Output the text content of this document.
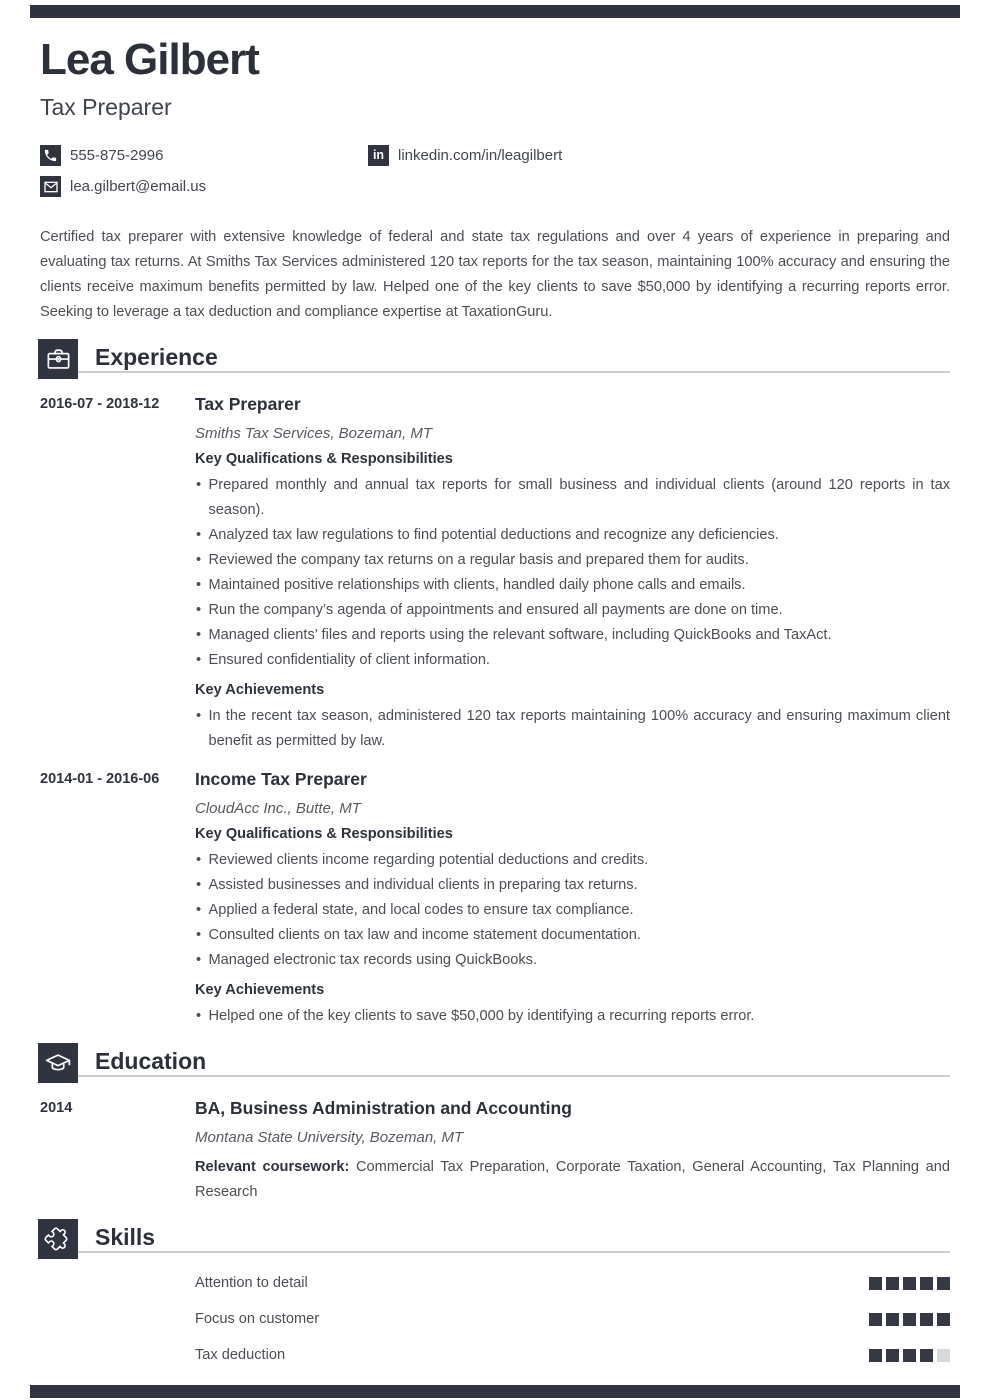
Lea Gilbert
Tax Preparer
555-875-2996	in linkedin.com/in/leagilbert
lea.gilbert@email.us

Certified tax preparer with extensive knowledge of federal and state tax regulations and over 4 years of experience in preparing and evaluating tax returns. At Smiths Tax Services administered 120 tax reports for the tax season, maintaining 100% accuracy and ensuring the clients receive maximum benefits permitted by law. Helped one of the key clients to save $50,000 by identifying a recurring reports error. Seeking to leverage a tax deduction and compliance expertise at TaxationGuru.

Experience
2016-07 - 2018-12	Tax Preparer
Smiths Tax Services, Bozeman, MT
Key Qualifications & Responsibilities
• Prepared monthly and annual tax reports for small business and individual clients (around 120 reports in tax season).
• Analyzed tax law regulations to find potential deductions and recognize any deficiencies.
• Reviewed the company tax returns on a regular basis and prepared them for audits.
• Maintained positive relationships with clients, handled daily phone calls and emails.
• Run the company’s agenda of appointments and ensured all payments are done on time.
• Managed clients’ files and reports using the relevant software, including QuickBooks and TaxAct.
• Ensured confidentiality of client information.
Key Achievements
• In the recent tax season, administered 120 tax reports maintaining 100% accuracy and ensuring maximum client benefit as permitted by law.
2014-01 - 2016-06	Income Tax Preparer
CloudAcc Inc., Butte, MT
Key Qualifications & Responsibilities
• Reviewed clients income regarding potential deductions and credits.
• Assisted businesses and individual clients in preparing tax returns.
• Applied a federal state, and local codes to ensure tax compliance.
• Consulted clients on tax law and income statement documentation.
• Managed electronic tax records using QuickBooks.
Key Achievements
• Helped one of the key clients to save $50,000 by identifying a recurring reports error.
Education
2014	BA, Business Administration and Accounting
Montana State University, Bozeman, MT
Relevant coursework: Commercial Tax Preparation, Corporate Taxation, General Accounting, Tax Planning and Research
Skills
Attention to detail
Focus on customer
Tax deduction
